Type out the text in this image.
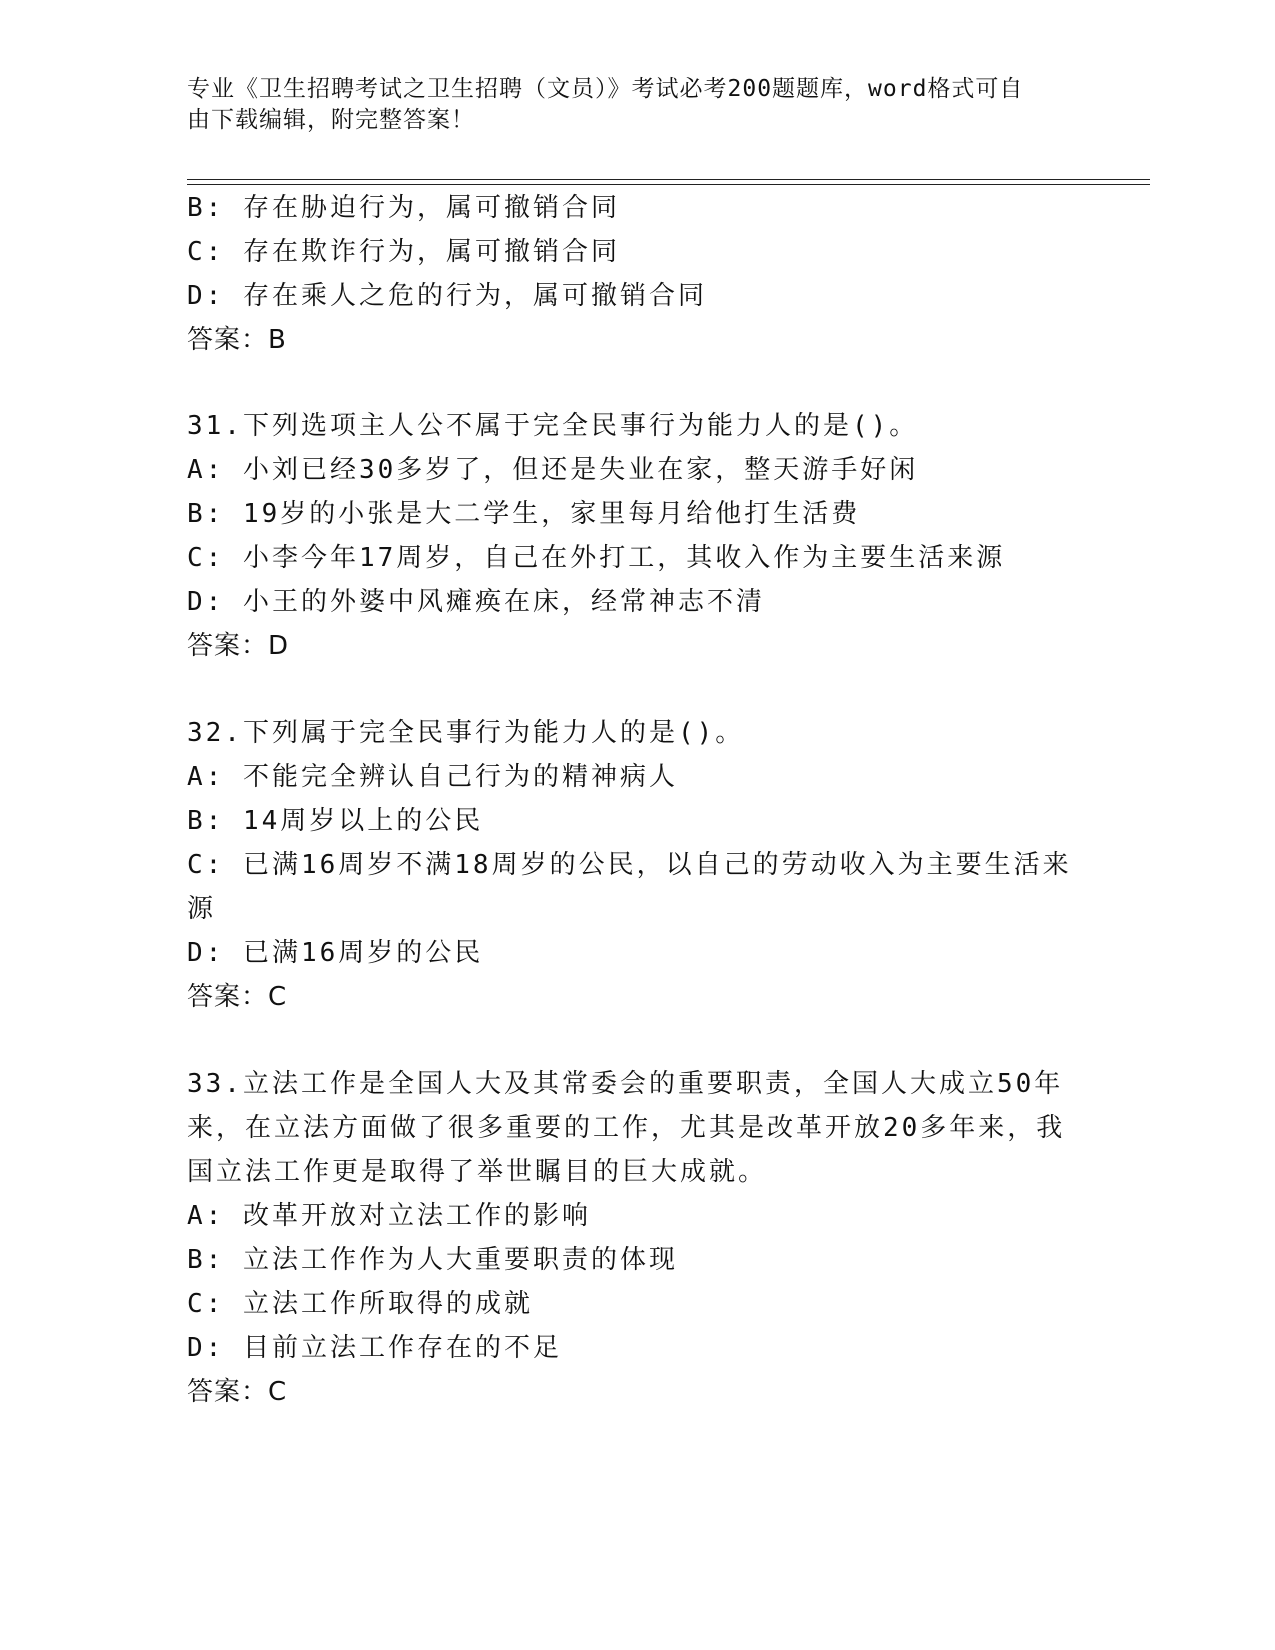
专业《卫生招聘考试之卫生招聘（文员）》考试必考200题题库，word格式可自
由下载编辑，附完整答案！
B: 存在胁迫行为，属可撤销合同
C: 存在欺诈行为，属可撤销合同
D: 存在乘人之危的行为，属可撤销合同
答案：B
31.下列选项主人公不属于完全民事行为能力人的是()。
A: 小刘已经30多岁了，但还是失业在家，整天游手好闲
B: 19岁的小张是大二学生，家里每月给他打生活费
C: 小李今年17周岁，自己在外打工，其收入作为主要生活来源
D: 小王的外婆中风瘫痪在床，经常神志不清
答案：D
32.下列属于完全民事行为能力人的是()。
A: 不能完全辨认自己行为的精神病人
B: 14周岁以上的公民
C: 已满16周岁不满18周岁的公民，以自己的劳动收入为主要生活来
源
D: 已满16周岁的公民
答案：C
33.立法工作是全国人大及其常委会的重要职责，全国人大成立50年
来，在立法方面做了很多重要的工作，尤其是改革开放20多年来，我
国立法工作更是取得了举世瞩目的巨大成就。
A: 改革开放对立法工作的影响
B: 立法工作作为人大重要职责的体现
C: 立法工作所取得的成就
D: 目前立法工作存在的不足
答案：C
